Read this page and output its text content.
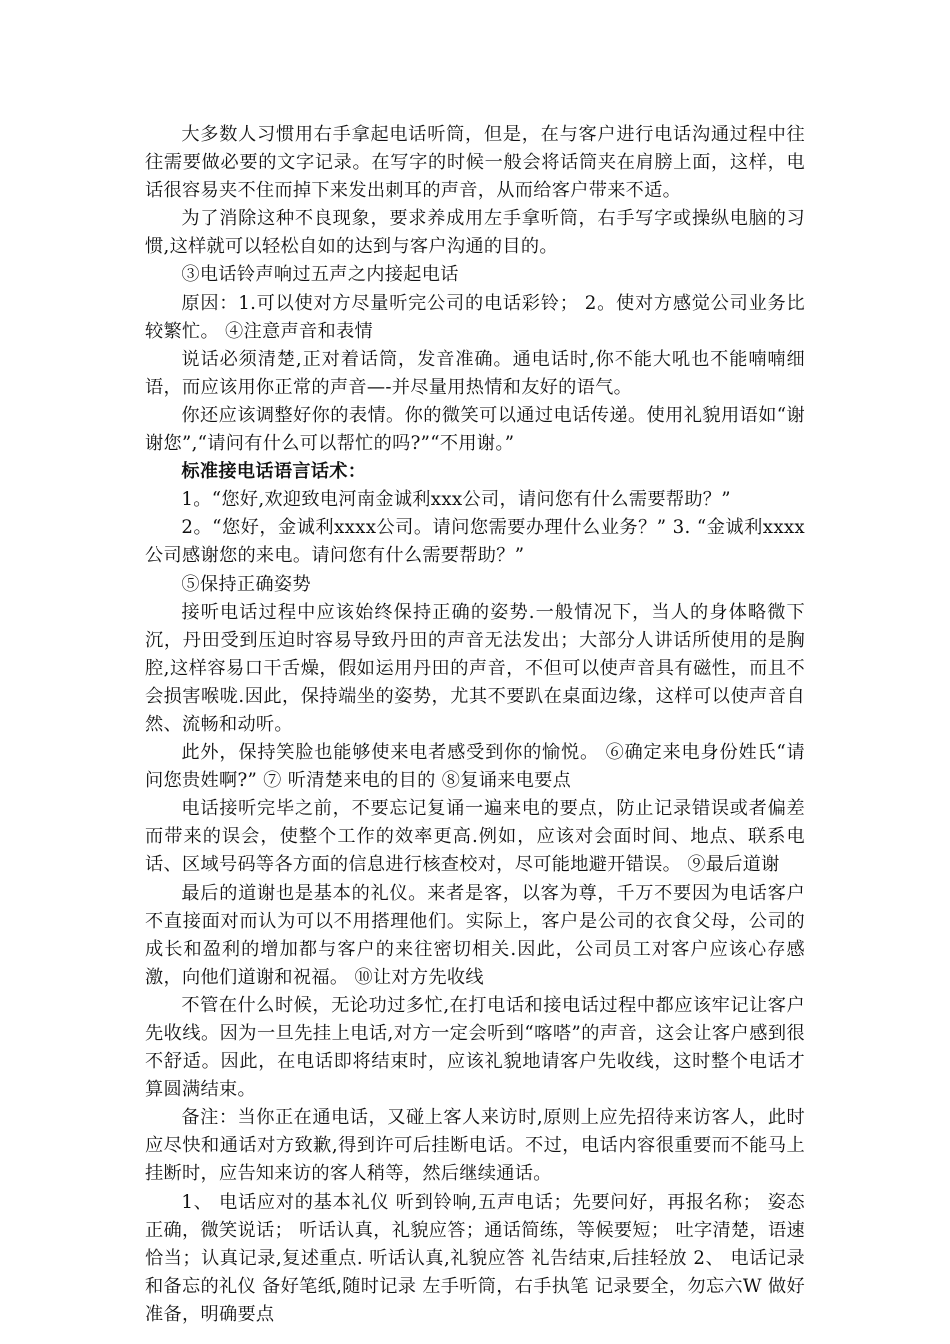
大多数人习惯用右手拿起电话听筒，但是，在与客户进行电话沟通过程中往往需要做必要的文字记录。在写字的时候一般会将话筒夹在肩膀上面，这样，电话很容易夹不住而掉下来发出刺耳的声音，从而给客户带来不适。

为了消除这种不良现象，要求养成用左手拿听筒，右手写字或操纵电脑的习惯,这样就可以轻松自如的达到与客户沟通的目的。

③电话铃声响过五声之内接起电话

原因：1.可以使对方尽量听完公司的电话彩铃； 2。使对方感觉公司业务比较繁忙。 ④注意声音和表情

说话必须清楚,正对着话筒，发音准确。通电话时,你不能大吼也不能喃喃细语，而应该用你正常的声音—-并尽量用热情和友好的语气。

你还应该调整好你的表情。你的微笑可以通过电话传递。使用礼貌用语如“谢谢您”,“请问有什么可以帮忙的吗?”“不用谢。”

标准接电话语言话术：

1。“您好,欢迎致电河南金诚利xxx公司，请问您有什么需要帮助？”

2。“您好，金诚利xxxx公司。请问您需要办理什么业务？” 3. “金诚利xxxx公司感谢您的来电。请问您有什么需要帮助？”

⑤保持正确姿势

接听电话过程中应该始终保持正确的姿势.一般情况下，当人的身体略微下沉，丹田受到压迫时容易导致丹田的声音无法发出；大部分人讲话所使用的是胸腔,这样容易口干舌燥，假如运用丹田的声音，不但可以使声音具有磁性，而且不会损害喉咙.因此，保持端坐的姿势，尤其不要趴在桌面边缘，这样可以使声音自然、流畅和动听。

此外，保持笑脸也能够使来电者感受到你的愉悦。 ⑥确定来电身份姓氏“请问您贵姓啊?” ⑦ 听清楚来电的目的 ⑧复诵来电要点

电话接听完毕之前，不要忘记复诵一遍来电的要点，防止记录错误或者偏差而带来的误会，使整个工作的效率更高.例如，应该对会面时间、地点、联系电话、区域号码等各方面的信息进行核查校对，尽可能地避开错误。 ⑨最后道谢

最后的道谢也是基本的礼仪。来者是客，以客为尊，千万不要因为电话客户不直接面对而认为可以不用搭理他们。实际上，客户是公司的衣食父母，公司的成长和盈利的增加都与客户的来往密切相关.因此，公司员工对客户应该心存感激，向他们道谢和祝福。 ⑩让对方先收线

不管在什么时候，无论功过多忙,在打电话和接电话过程中都应该牢记让客户先收线。因为一旦先挂上电话,对方一定会听到“喀嗒”的声音，这会让客户感到很不舒适。因此，在电话即将结束时，应该礼貌地请客户先收线，这时整个电话才算圆满结束。

备注：当你正在通电话，又碰上客人来访时,原则上应先招待来访客人，此时应尽快和通话对方致歉,得到许可后挂断电话。不过，电话内容很重要而不能马上挂断时，应告知来访的客人稍等，然后继续通话。

1、 电话应对的基本礼仪 听到铃响,五声电话；先要问好，再报名称； 姿态正确，微笑说话； 听话认真，礼貌应答；通话简练，等候要短； 吐字清楚，语速恰当；认真记录,复述重点. 听话认真,礼貌应答 礼告结束,后挂轻放 2、 电话记录和备忘的礼仪 备好笔纸,随时记录 左手听筒，右手执笔 记录要全，勿忘六W 做好准备，明确要点
